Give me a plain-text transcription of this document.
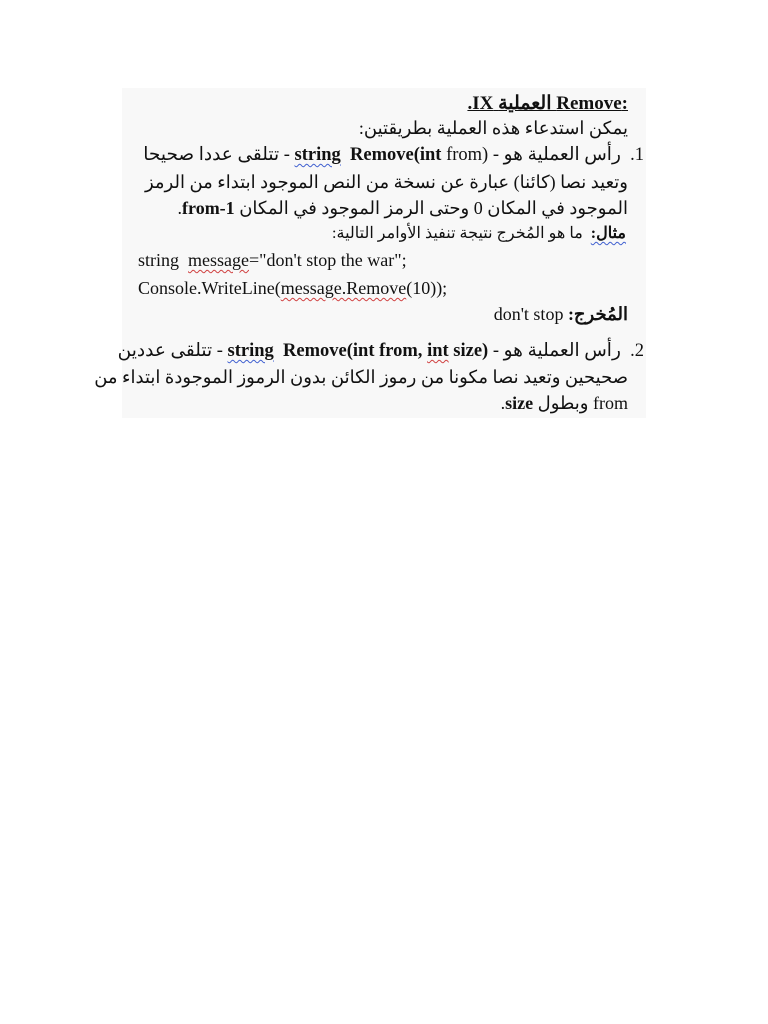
:Remove العملية .IX
يمكن استدعاء هذه العملية بطريقتين:
.1  رأس العملية هو - string Remove(int from) - تتلقى عددا صحيحا
وتعيد نصا (كائنا) عبارة عن نسخة من النص الموجود ابتداء من الرمز
الموجود في المكان 0 وحتى الرمز الموجود في المكان from-1.
مثال:  ما هو المُخرج نتيجة تنفيذ الأوامر التالية:
string message="don't stop the war";
Console.WriteLine(message.Remove(10));
المُخرج: don't stop
.2  رأس العملية هو - string Remove(int from, int size) - تتلقى عددين
صحيحين وتعيد نصا مكونا من رموز الكائن بدون الرموز الموجودة ابتداء من
from وبطول size.
